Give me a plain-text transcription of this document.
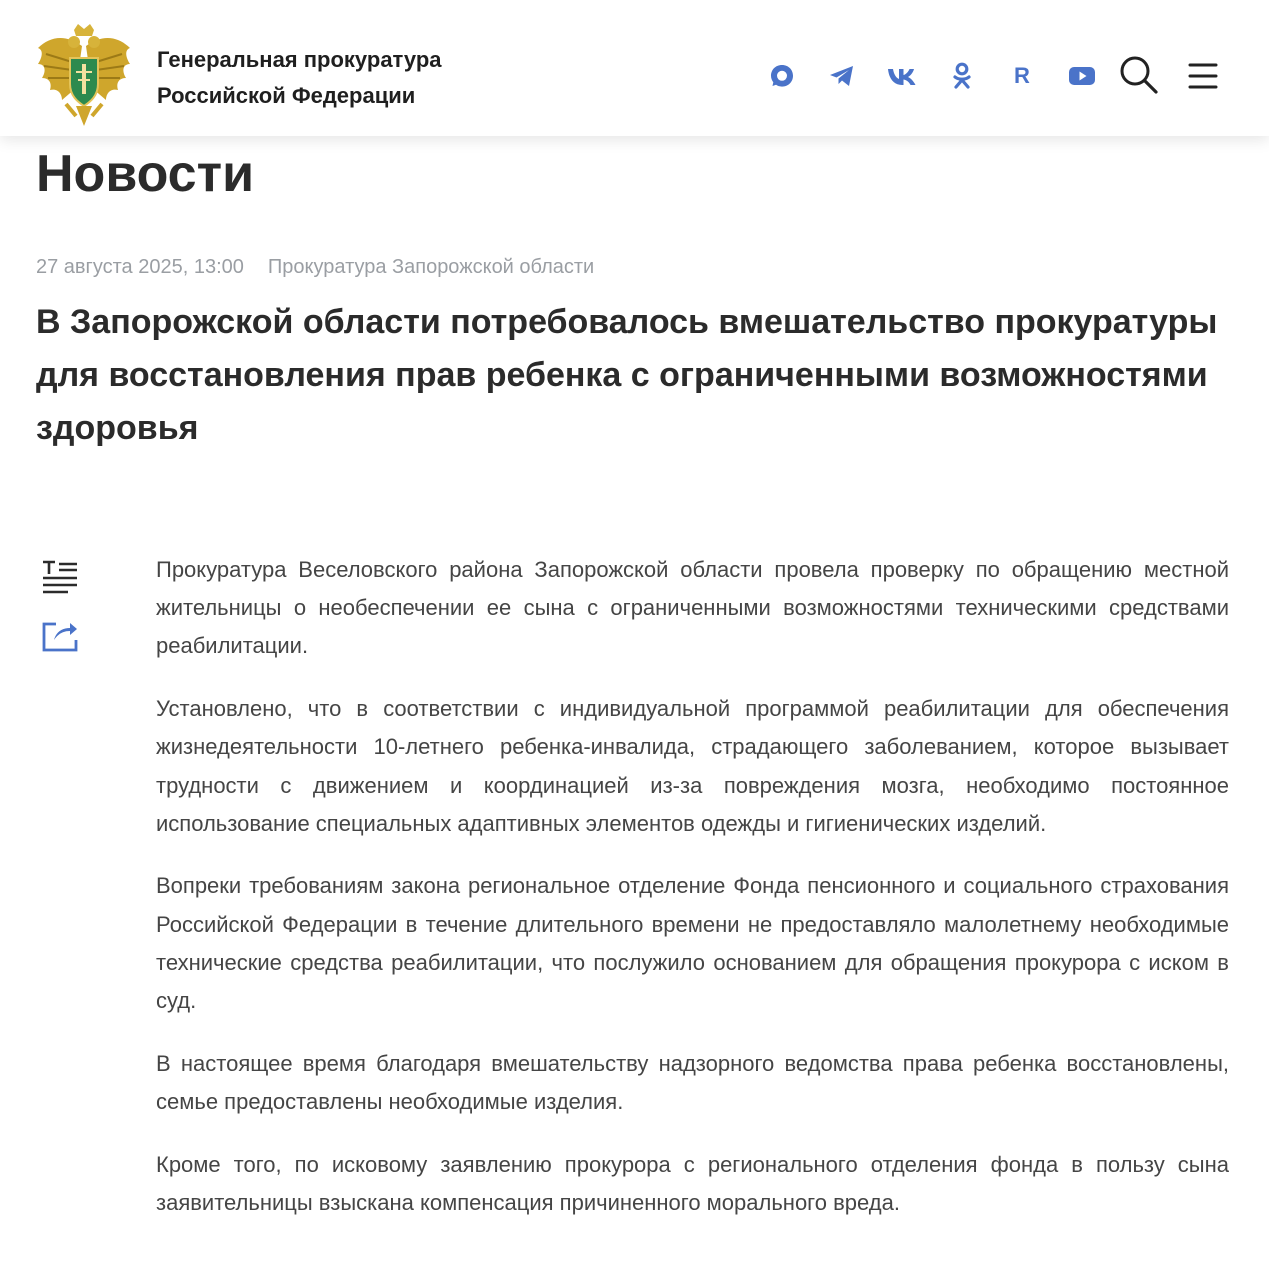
Генеральная прокуратура
Российской Федерации
R
Новости
27 августа 2025, 13:00 Прокуратура Запорожской области
В Запорожской области потребовалось вмешательство прокуратуры для восстановления прав ребенка с ограниченными возможностями здоровья

Прокуратура Веселовского района Запорожской области провела проверку по обращению местной жительницы о необеспечении ее сына с ограниченными возможностями техническими средствами реабилитации.

Установлено, что в соответствии с индивидуальной программой реабилитации для обеспечения жизнедеятельности 10-летнего ребенка-инвалида, страдающего заболеванием, которое вызывает трудности с движением и координацией из-за повреждения мозга, необходимо постоянное использование специальных адаптивных элементов одежды и гигиенических изделий.

Вопреки требованиям закона региональное отделение Фонда пенсионного и социального страхования Российской Федерации в течение длительного времени не предоставляло малолетнему необходимые технические средства реабилитации, что послужило основанием для обращения прокурора с иском в суд.

В настоящее время благодаря вмешательству надзорного ведомства права ребенка восстановлены, семье предоставлены необходимые изделия.

Кроме того, по исковому заявлению прокурора с регионального отделения фонда в пользу сына заявительницы взыскана компенсация причиненного морального вреда.
